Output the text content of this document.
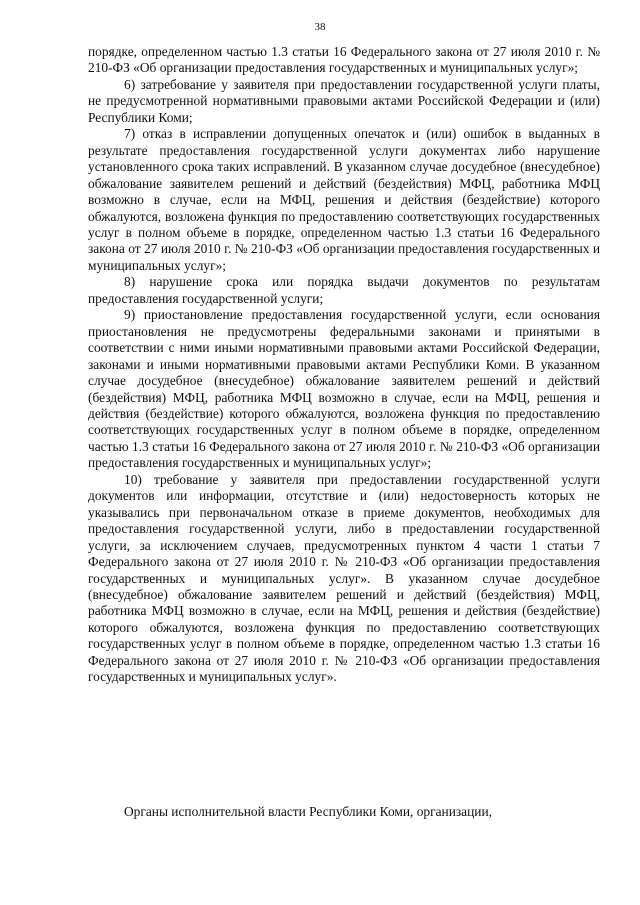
38

порядке, определенном частью 1.3 статьи 16 Федерального закона от 27 июля 2010 г. № 210-ФЗ «Об организации предоставления государственных и муниципальных услуг»;

6) затребование у заявителя при предоставлении государственной услуги платы, не предусмотренной нормативными правовыми актами Российской Федерации и (или) Республики Коми;

7) отказ в исправлении допущенных опечаток и (или) ошибок в выданных в результате предоставления государственной услуги документах либо нарушение установленного срока таких исправлений. В указанном случае досудебное (внесудебное) обжалование заявителем решений и действий (бездействия) МФЦ, работника МФЦ возможно в случае, если на МФЦ, решения и действия (бездействие) которого обжалуются, возложена функция по предоставлению соответствующих государственных услуг в полном объеме в порядке, определенном частью 1.3 статьи 16 Федерального закона от 27 июля 2010 г. № 210-ФЗ «Об организации предоставления государственных и муниципальных услуг»;

8) нарушение срока или порядка выдачи документов по результатам предоставления государственной услуги;

9) приостановление предоставления государственной услуги, если основания приостановления не предусмотрены федеральными законами и принятыми в соответствии с ними иными нормативными правовыми актами Российской Федерации, законами и иными нормативными правовыми актами Республики Коми. В указанном случае досудебное (внесудебное) обжалование заявителем решений и действий (бездействия) МФЦ, работника МФЦ возможно в случае, если на МФЦ, решения и действия (бездействие) которого обжалуются, возложена функция по предоставлению соответствующих государственных услуг в полном объеме в порядке, определенном частью 1.3 статьи 16 Федерального закона от 27 июля 2010 г. № 210-ФЗ «Об организации предоставления государственных и муниципальных услуг»;

10) требование у заявителя при предоставлении государственной услуги документов или информации, отсутствие и (или) недостоверность которых не указывались при первоначальном отказе в приеме документов, необходимых для предоставления государственной услуги, либо в предоставлении государственной услуги, за исключением случаев, предусмотренных пунктом 4 части 1 статьи 7 Федерального закона от 27 июля 2010 г. № 210-ФЗ «Об организации предоставления государственных и муниципальных услуг». В указанном случае досудебное (внесудебное) обжалование заявителем решений и действий (бездействия) МФЦ, работника МФЦ возможно в случае, если на МФЦ, решения и действия (бездействие) которого обжалуются, возложена функция по предоставлению соответствующих государственных услуг в полном объеме в порядке, определенном частью 1.3 статьи 16 Федерального закона от 27 июля 2010 г. № 210-ФЗ «Об организации предоставления государственных и муниципальных услуг».

Органы исполнительной власти Республики Коми, организации,
